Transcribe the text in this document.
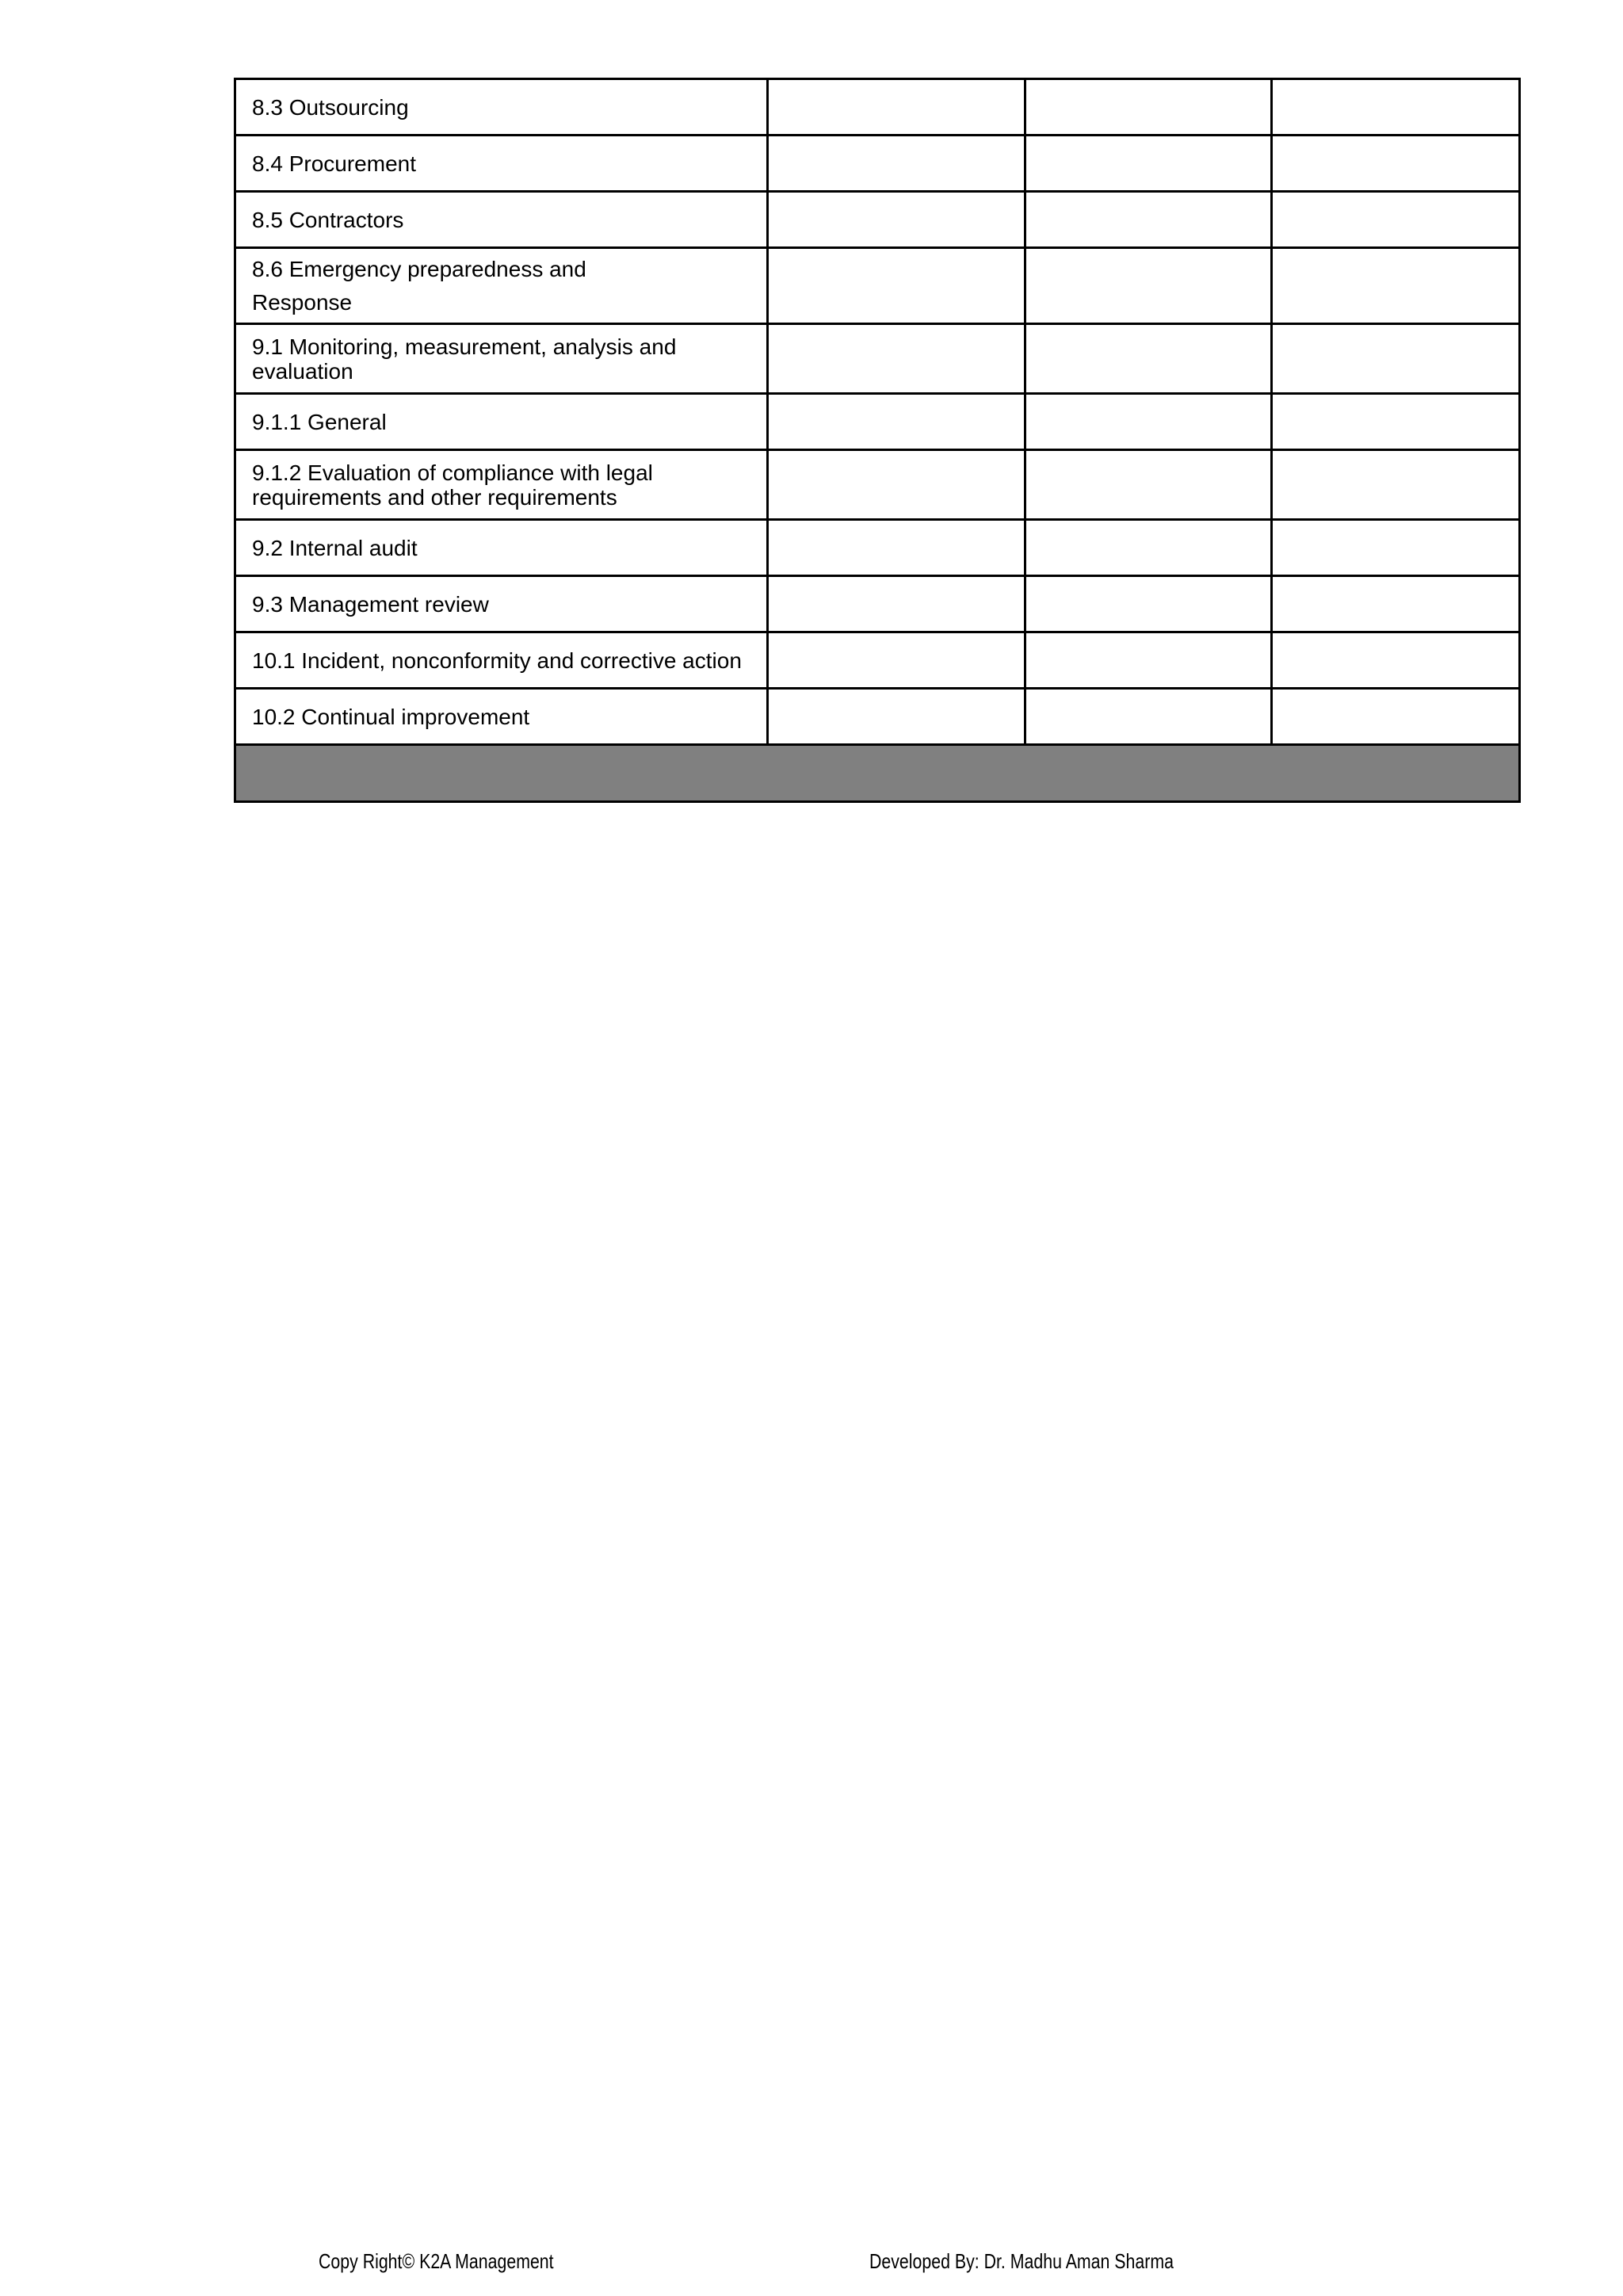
8.3 Outsourcing			
8.4 Procurement			
8.5 Contractors			
8.6 Emergency preparedness and
Response			

9.1 Monitoring, measurement, analysis and evaluation			
9.1.1 General			
9.1.2 Evaluation of compliance with legal requirements and other requirements			
9.2 Internal audit			
9.3 Management review			
10.1 Incident, nonconformity and corrective action			
10.2 Continual improvement			

Copy Right© K2A Management	Developed By: Dr. Madhu Aman Sharma
